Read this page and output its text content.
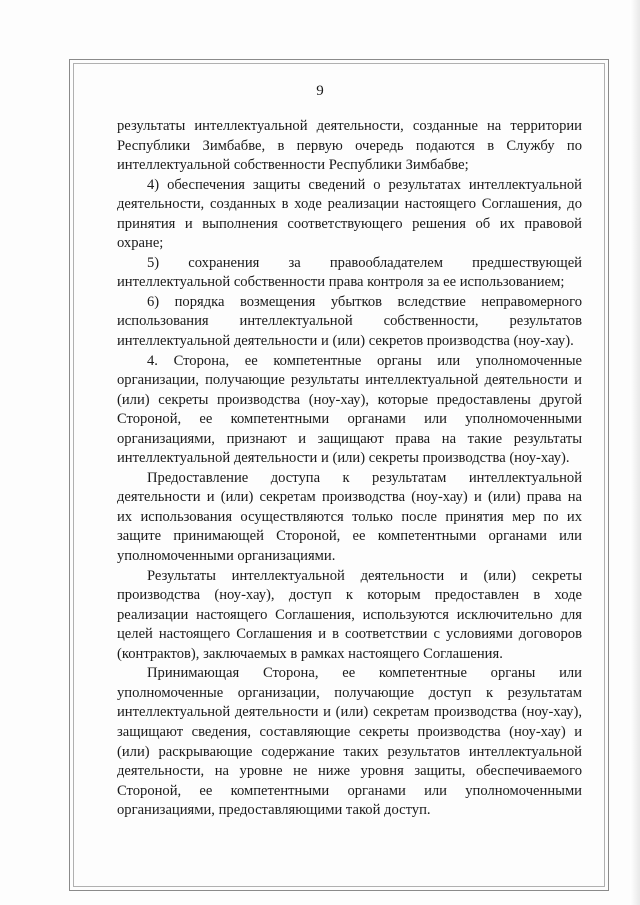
9
результаты интеллектуальной деятельности, созданные на территории
Республики Зимбабве, в первую очередь подаются в Службу по
интеллектуальной собственности Республики Зимбабве;
4) обеспечения защиты сведений о результатах интеллектуальной
деятельности, созданных в ходе реализации настоящего Соглашения, до
принятия и выполнения соответствующего решения об их правовой
охране;
5) сохранения за правообладателем предшествующей
интеллектуальной собственности права контроля за ее использованием;
6) порядка возмещения убытков вследствие неправомерного
использования интеллектуальной собственности, результатов
интеллектуальной деятельности и (или) секретов производства (ноу-хау).
4. Сторона, ее компетентные органы или уполномоченные
организации, получающие результаты интеллектуальной деятельности и
(или) секреты производства (ноу-хау), которые предоставлены другой
Стороной, ее компетентными органами или уполномоченными
организациями, признают и защищают права на такие результаты
интеллектуальной деятельности и (или) секреты производства (ноу-хау).
Предоставление доступа к результатам интеллектуальной
деятельности и (или) секретам производства (ноу-хау) и (или) права на
их использования осуществляются только после принятия мер по их
защите принимающей Стороной, ее компетентными органами или
уполномоченными организациями.
Результаты интеллектуальной деятельности и (или) секреты
производства (ноу-хау), доступ к которым предоставлен в ходе
реализации настоящего Соглашения, используются исключительно для
целей настоящего Соглашения и в соответствии с условиями договоров
(контрактов), заключаемых в рамках настоящего Соглашения.
Принимающая Сторона, ее компетентные органы или
уполномоченные организации, получающие доступ к результатам
интеллектуальной деятельности и (или) секретам производства (ноу-хау),
защищают сведения, составляющие секреты производства (ноу-хау) и
(или) раскрывающие содержание таких результатов интеллектуальной
деятельности, на уровне не ниже уровня защиты, обеспечиваемого
Стороной, ее компетентными органами или уполномоченными
организациями, предоставляющими такой доступ.
